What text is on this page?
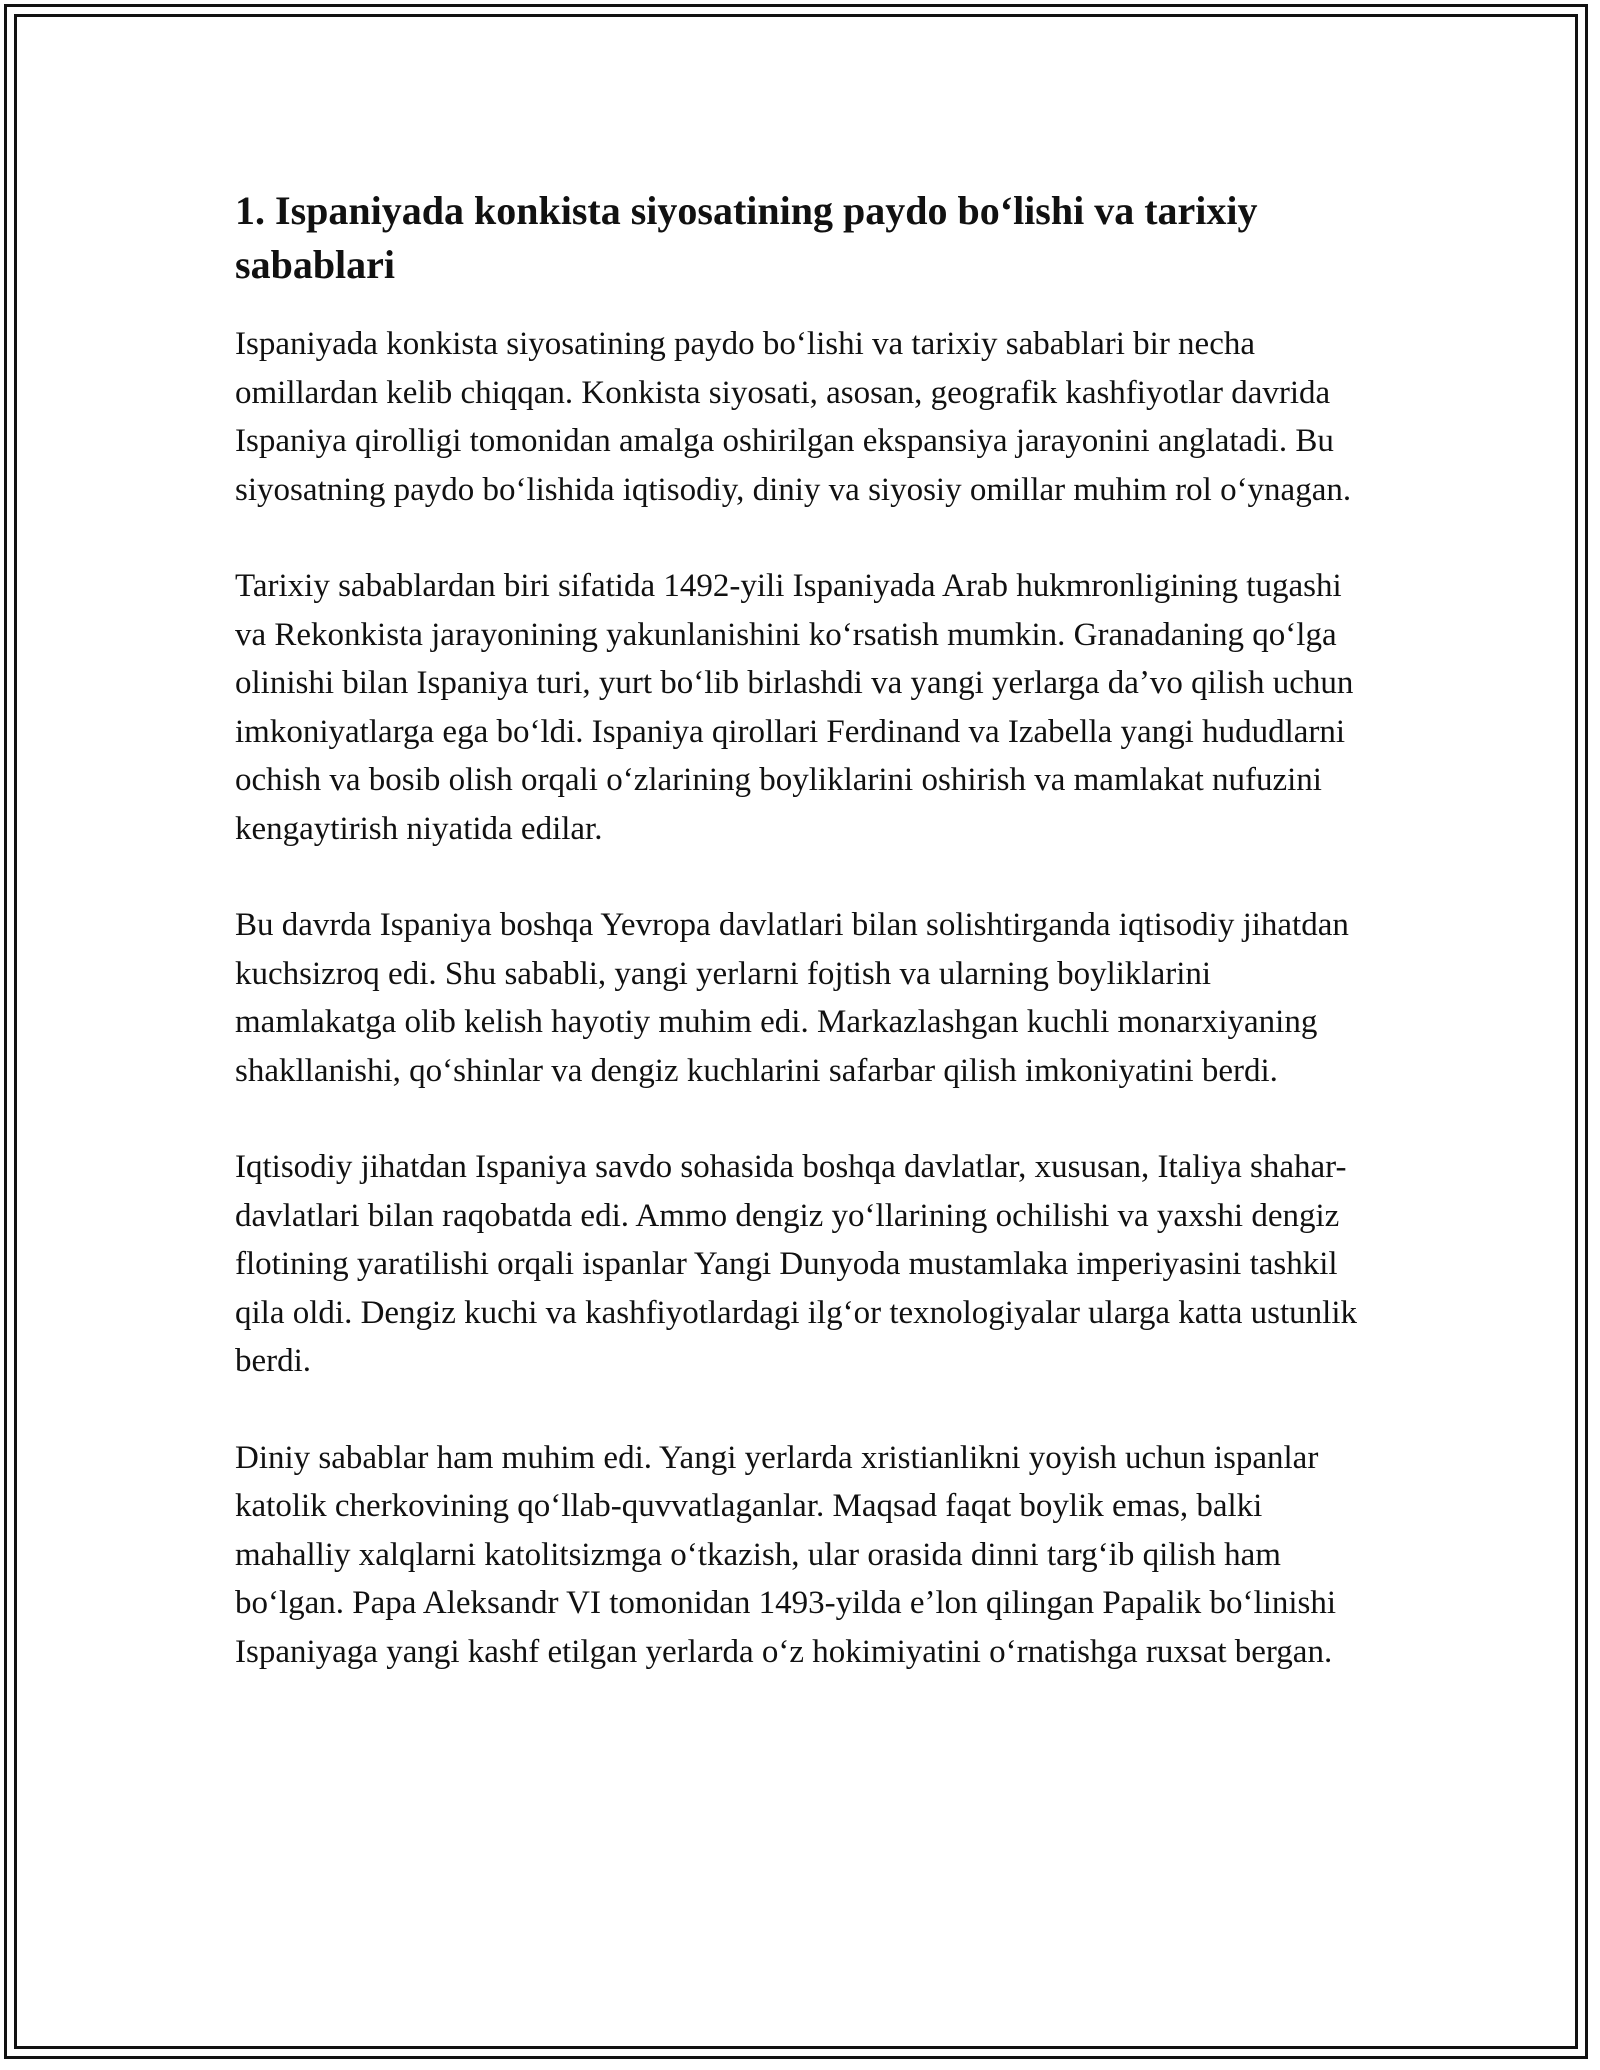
1. Ispaniyada konkista siyosatining paydo boʻlishi va tarixiy sabablari

Ispaniyada konkista siyosatining paydo boʻlishi va tarixiy sabablari bir necha omillardan kelib chiqqan. Konkista siyosati, asosan, geografik kashfiyotlar davrida Ispaniya qirolligi tomonidan amalga oshirilgan ekspansiya jarayonini anglatadi. Bu siyosatning paydo boʻlishida iqtisodiy, diniy va siyosiy omillar muhim rol oʻynagan.

Tarixiy sabablardan biri sifatida 1492-yili Ispaniyada Arab hukmronligining tugashi va Rekonkista jarayonining yakunlanishini koʻrsatish mumkin. Granadaning qoʻlga olinishi bilan Ispaniya turi, yurt boʻlib birlashdi va yangi yerlarga daʼvo qilish uchun imkoniyatlarga ega boʻldi. Ispaniya qirollari Ferdinand va Izabella yangi hududlarni ochish va bosib olish orqali oʻzlarining boyliklarini oshirish va mamlakat nufuzini kengaytirish niyatida edilar.

Bu davrda Ispaniya boshqa Yevropa davlatlari bilan solishtirganda iqtisodiy jihatdan kuchsizroq edi. Shu sababli, yangi yerlarni fojtish va ularning boyliklarini mamlakatga olib kelish hayotiy muhim edi. Markazlashgan kuchli monarxiyaning shakllanishi, qoʻshinlar va dengiz kuchlarini safarbar qilish imkoniyatini berdi.

Iqtisodiy jihatdan Ispaniya savdo sohasida boshqa davlatlar, xususan, Italiya shahar-davlatlari bilan raqobatda edi. Ammo dengiz yoʻllarining ochilishi va yaxshi dengiz flotining yaratilishi orqali ispanlar Yangi Dunyoda mustamlaka imperiyasini tashkil qila oldi. Dengiz kuchi va kashfiyotlardagi ilgʻor texnologiyalar ularga katta ustunlik berdi.

Diniy sabablar ham muhim edi. Yangi yerlarda xristianlikni yoyish uchun ispanlar katolik cherkovining qoʻllab-quvvatlaganlar. Maqsad faqat boylik emas, balki mahalliy xalqlarni katolitsizmga oʻtkazish, ular orasida dinni targʻib qilish ham boʻlgan. Papa Aleksandr VI tomonidan 1493-yilda eʼlon qilingan Papalik boʻlinishi Ispaniyaga yangi kashf etilgan yerlarda oʻz hokimiyatini oʻrnatishga ruxsat bergan.
